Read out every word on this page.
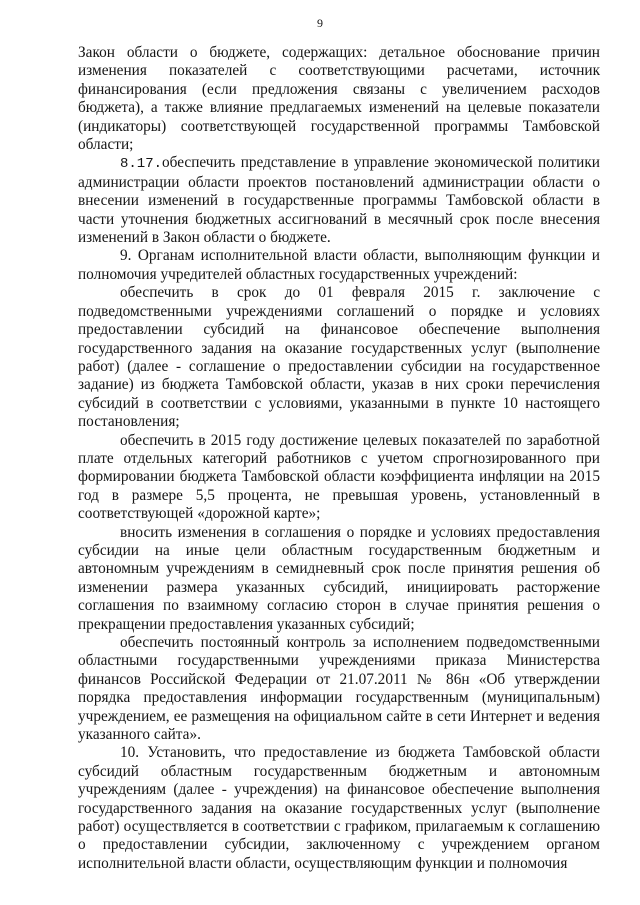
9

Закон области о бюджете, содержащих: детальное обоснование причин изменения показателей с соответствующими расчетами, источник финансирования (если предложения связаны с увеличением расходов бюджета), а также влияние предлагаемых изменений на целевые показатели (индикаторы) соответствующей государственной программы Тамбовской области;

8.17.обеспечить представление в управление экономической политики администрации области проектов постановлений администрации области о внесении изменений в государственные программы Тамбовской области в части уточнения бюджетных ассигнований в месячный срок после внесения изменений в Закон области о бюджете.

9. Органам исполнительной власти области, выполняющим функции и полномочия учредителей областных государственных учреждений:

обеспечить в срок до 01 февраля 2015 г. заключение с подведомственными учреждениями соглашений о порядке и условиях предоставлении субсидий на финансовое обеспечение выполнения государственного задания на оказание государственных услуг (выполнение работ) (далее - соглашение о предоставлении субсидии на государственное задание) из бюджета Тамбовской области, указав в них сроки перечисления субсидий в соответствии с условиями, указанными в пункте 10 настоящего постановления;

обеспечить в 2015 году достижение целевых показателей по заработной плате отдельных категорий работников с учетом спрогнозированного при формировании бюджета Тамбовской области коэффициента инфляции на 2015 год в размере 5,5 процента, не превышая уровень, установленный в соответствующей «дорожной карте»;

вносить изменения в соглашения о порядке и условиях предоставления субсидии на иные цели областным государственным бюджетным и автономным учреждениям в семидневный срок после принятия решения об изменении размера указанных субсидий, инициировать расторжение соглашения по взаимному согласию сторон в случае принятия решения о прекращении предоставления указанных субсидий;

обеспечить постоянный контроль за исполнением подведомственными областными государственными учреждениями приказа Министерства финансов Российской Федерации от 21.07.2011 № 86н «Об утверждении порядка предоставления информации государственным (муниципальным) учреждением, ее размещения на официальном сайте в сети Интернет и ведения указанного сайта».

10. Установить, что предоставление из бюджета Тамбовской области субсидий областным государственным бюджетным и автономным учреждениям (далее - учреждения) на финансовое обеспечение выполнения государственного задания на оказание государственных услуг (выполнение работ) осуществляется в соответствии с графиком, прилагаемым к соглашению о предоставлении субсидии, заключенному с учреждением органом исполнительной власти области, осуществляющим функции и полномочия
